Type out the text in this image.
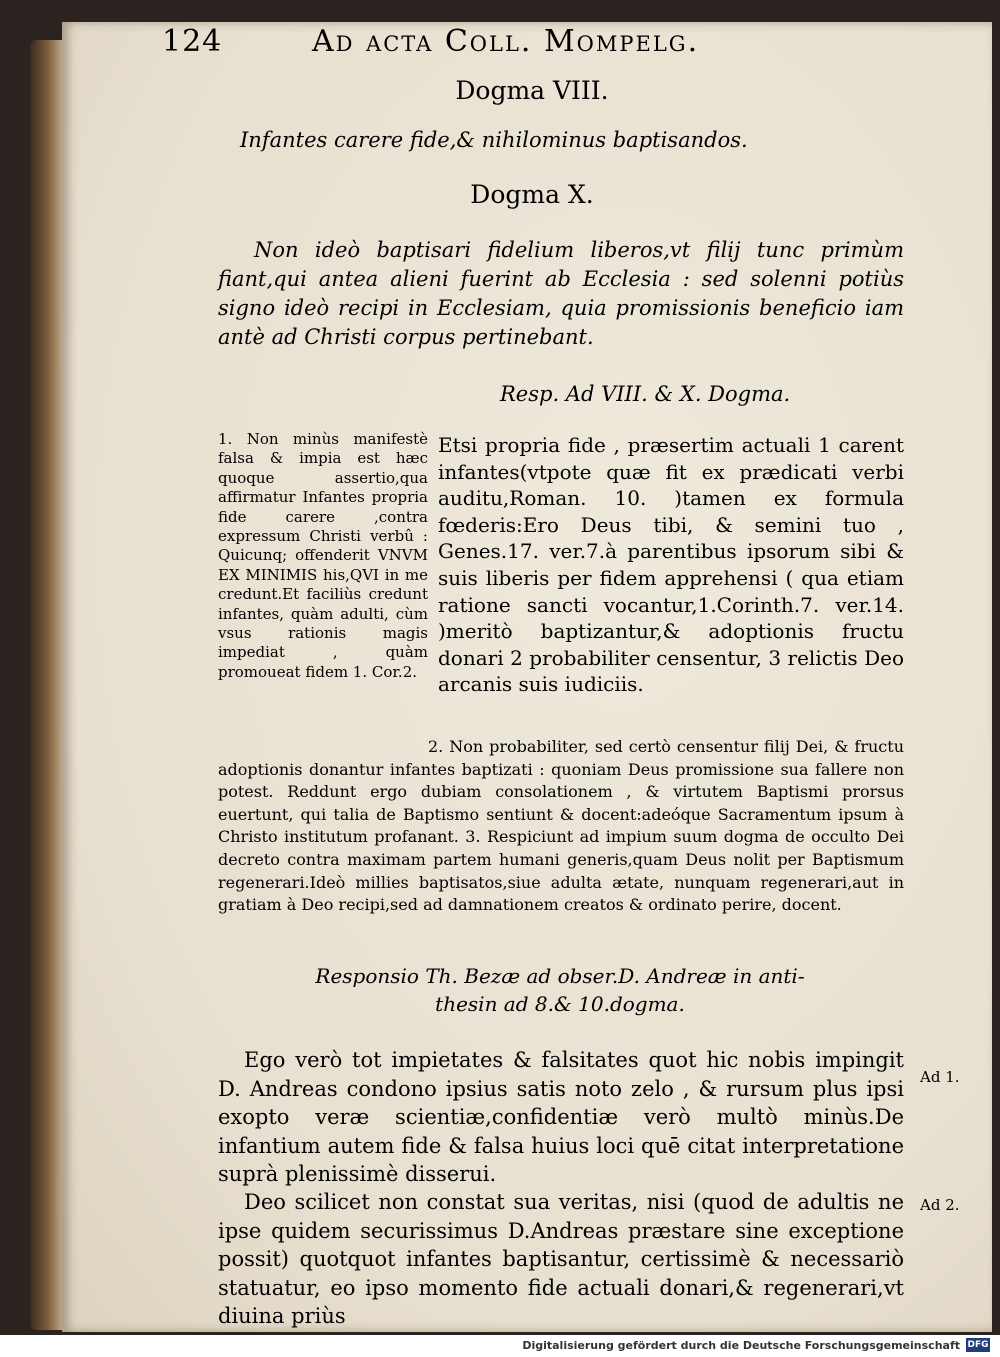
124	Ad acta Coll. Mompelg.
Dogma VIII.
Infantes carere fide,& nihilominus baptisandos.
Dogma X.
Non ideò baptisari fidelium liberos,vt filij tunc primùm fiant,qui antea alieni fuerint ab Ecclesia : sed solenni potiùs signo ideò recipi in Ecclesiam, quia promissionis beneficio iam antè ad Christi corpus pertinebant.
Resp. Ad VIII. & X. Dogma.
1. Non minùs manifestè falsa & impia est hæc quoque assertio,qua affirmatur Infantes propria fide carere ,contra expressum Christi verbû : Quicunq; offenderit VNVM EX MINIMIS his,QVI in me credunt.Et faciliùs credunt infantes, quàm adulti, cùm vsus rationis magis impediat , quàm promoueat fidem 1. Cor.2.
Etsi propria fide , præsertim actuali 1 carent infantes(vtpote quæ fit ex prædicati verbi auditu,Roman. 10. )tamen ex formula fœderis:Ero Deus tibi, & semini tuo , Genes.17. ver.7.à parentibus ipsorum sibi & suis liberis per fidem apprehensi ( qua etiam ratione sancti vocantur,1.Corinth.7. ver.14. )meritò baptizantur,& adoptionis fructu donari 2 probabiliter censentur, 3 relictis Deo arcanis suis iudiciis.
2. Non probabiliter, sed certò censentur filij Dei, & fructu adoptionis donantur infantes baptizati : quoniam Deus promissione sua fallere non potest. Reddunt ergo dubiam consolationem , & virtutem Baptismi prorsus euertunt, qui talia de Baptismo sentiunt & docent:adeóque Sacramentum ipsum à Christo institutum profanant. 3. Respiciunt ad impium suum dogma de occulto Dei decreto contra maximam partem humani generis,quam Deus nolit per Baptismum regenerari.Ideò millies baptisatos,siue adulta ætate, nunquam regenerari,aut in gratiam à Deo recipi,sed ad damnationem creatos & ordinato perire, docent.
Responsio Th. Bezæ ad obser.D. Andreæ in anti-
thesin ad 8.& 10.dogma.
Ego verò tot impietates & falsitates quot hic nobis impingit D. Andreas condono ipsius satis noto zelo , & rursum plus ipsi exopto veræ scientiæ,confidentiæ verò multò minùs.De infantium autem fide & falsa huius loci quē citat interpretatione suprà plenissimè disserui.
Deo scilicet non constat sua veritas, nisi (quod de adultis ne ipse quidem securissimus D.Andreas præstare sine exceptione possit) quotquot infantes baptisantur, certissimè & necessariò statuatur, eo ipso momento fide actuali donari,& regenerari,vt diuina priùs
Ad 1.
Ad 2.
Digitalisierung gefördert durch die Deutsche Forschungsgemeinschaft DFG
